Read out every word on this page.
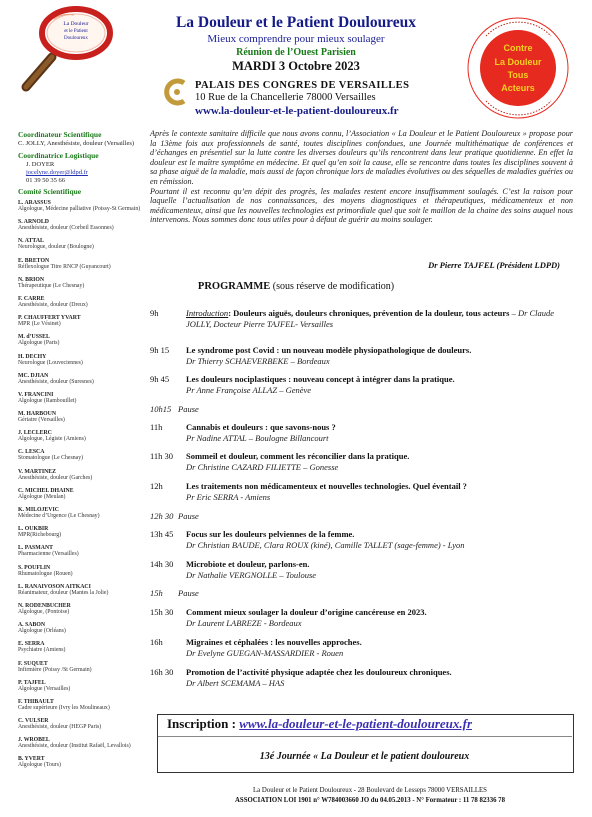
La Douleur
et le Patient
Douloureux
La Douleur et le Patient Douloureux
Mieux comprendre pour mieux soulager
Réunion de l’Ouest Parisien
MARDI 3 Octobre 2023
PALAIS DES CONGRES DE VERSAILLES
10 Rue de la Chancellerie 78000 Versailles
www.la-douleur-et-le-patient-douloureux.fr
Contre
La Douleur
Tous
Acteurs
Coordinateur Scientifique
C. JOLLY, Anesthésiste, douleur (Versailles)
Coordinatrice Logistique
J. DOYER
jocelyne.doyer@ldpd.fr
01 39 50 35 66
Comité Scientifique
L. ARASSUS
Algologue, Médecine palliative (Poissy-St Germain)
S. ARNOLD
Anesthésiste, douleur (Corbeil Essonnes)
N. ATTAL
Neurologue, douleur (Boulogne)
E. BRETON
Réflexologue Titre RNCP (Guyancourt)
N. BRION
Thérapeutique (Le Chesnay)
F. CARRE
Anesthésiste, douleur (Dreux)
P. CHAUFFERT YVART
MPR (Le Vésinet)
M. d’USSEL
Algologue (Paris)
H. DECHY
Neurologue (Louveciennes)
MC. DJIAN
Anesthésiste, douleur (Suresnes)
V. FRANCINI
Algologue (Rambouillet)
M. HARBOUN
Gériatre (Versailles)
J. LECLERC
Algologue, Légiste (Amiens)
C. LESCA
Stomatologue (Le Chesnay)
V. MARTINEZ
Anesthésiste, douleur (Garches)
C. MICHEL DHAINE
Algologue (Meulan)
K. MILOJEVIC
Médecine d’Urgence (Le Chesnay)
L. OUKBIR
MPR(Richebourg)
L. PASMANT
Pharmacienne (Versailles)
S. POUFLIN
Rhumatologue (Rouen)
L. RANAIVOSON AITKACI
Réanimateur, douleur (Mantes la Jolie)
N. RODENBUCHER
Algologue, (Pontoise)
A. SABON
Algologue (Orléans)
E. SERRA
Psychiatre (Amiens)
F. SUQUET
Infirmière (Poissy /St Germain)
P. TAJFEL
Algologue (Versailles)
F. THIBAULT
Cadre supérieure (Ivry les Moulineaux)
C. VULSER
Anesthésiste, douleur (HEGP Paris)
J. WROBEL
Anesthésiste, douleur (Institut Rafaël, Levallois)
B. YVERT
Algologue (Tours)
Après le contexte sanitaire difficile que nous avons connu, l’Association « La Douleur et le Patient Douloureux » propose pour la 13ème fois aux professionnels de santé, toutes disciplines confondues, une Journée multithématique de conférences et d’échanges en présentiel sur la lutte contre les diverses douleurs qu’ils rencontrent dans leur pratique quotidienne. En effet la douleur est le maître symptôme en médecine. Et quel qu’en soit la cause, elle se rencontre dans toutes les disciplines souvent à sa phase aiguë de la maladie, mais aussi de façon chronique lors de maladies évolutives ou des séquelles de maladies guéries ou en rémission.
Pourtant il est reconnu qu’en dépit des progrès, les malades restent encore insuffisamment soulagés. C’est la raison pour laquelle l’actualisation de nos connaissances, des moyens diagnostiques et thérapeutiques, médicamenteux et non médicamenteux, ainsi que les nouvelles technologies est primordiale quel que soit le maillon de la chaine des soins auquel nous intervenons. Nous sommes donc tous utiles pour à défaut de guérir au moins soulager.
Dr Pierre TAJFEL (Président LDPD)
PROGRAMME (sous réserve de modification)
9h	Introduction: Douleurs aiguës, douleurs chroniques, prévention de la douleur, tous acteurs – Dr Claude JOLLY, Docteur Pierre TAJFEL- Versailles
9h 15 Le syndrome post Covid : un nouveau modèle physiopathologique de douleurs.
Dr Thierry SCHAEVERBEKE – Bordeaux
9h 45 Les douleurs nociplastiques : nouveau concept à intégrer dans la pratique.
Pr Anne Françoise ALLAZ – Genève
10h15 Pause
11h	Cannabis et douleurs : que savons-nous ?
Pr Nadine ATTAL – Boulogne Billancourt
11h 30 Sommeil et douleur, comment les réconcilier dans la pratique.
Dr Christine CAZARD FILIETTE – Gonesse
12h	Les traitements non médicamenteux et nouvelles technologies. Quel éventail ?
Pr Eric SERRA - Amiens
12h 30 Pause
13h 45 Focus sur les douleurs pelviennes de la femme.
Dr Christian BAUDE, Clara ROUX (kiné), Camille TALLET (sage-femme) - Lyon
14h 30 Microbiote et douleur, parlons-en.
Dr Nathalie VERGNOLLE – Toulouse
15h Pause
15h 30 Comment mieux soulager la douleur d’origine cancéreuse en 2023.
Dr Laurent LABREZE - Bordeaux
16h	Migraines et céphalées : les nouvelles approches.
Dr Evelyne GUEGAN-MASSARDIER - Rouen
16h 30 Promotion de l’activité physique adaptée chez les douloureux chroniques.
Dr Albert SCEMAMA – HAS
Inscription : www.la-douleur-et-le-patient-douloureux.fr
13é Journée « La Douleur et le patient douloureux
La Douleur et le Patient Douloureux - 28 Boulevard de Lesseps 78000 VERSAILLES
ASSOCIATION LOI 1901 n° W784003660 JO du 04.05.2013 - N° Formateur : 11 78 82336 78
